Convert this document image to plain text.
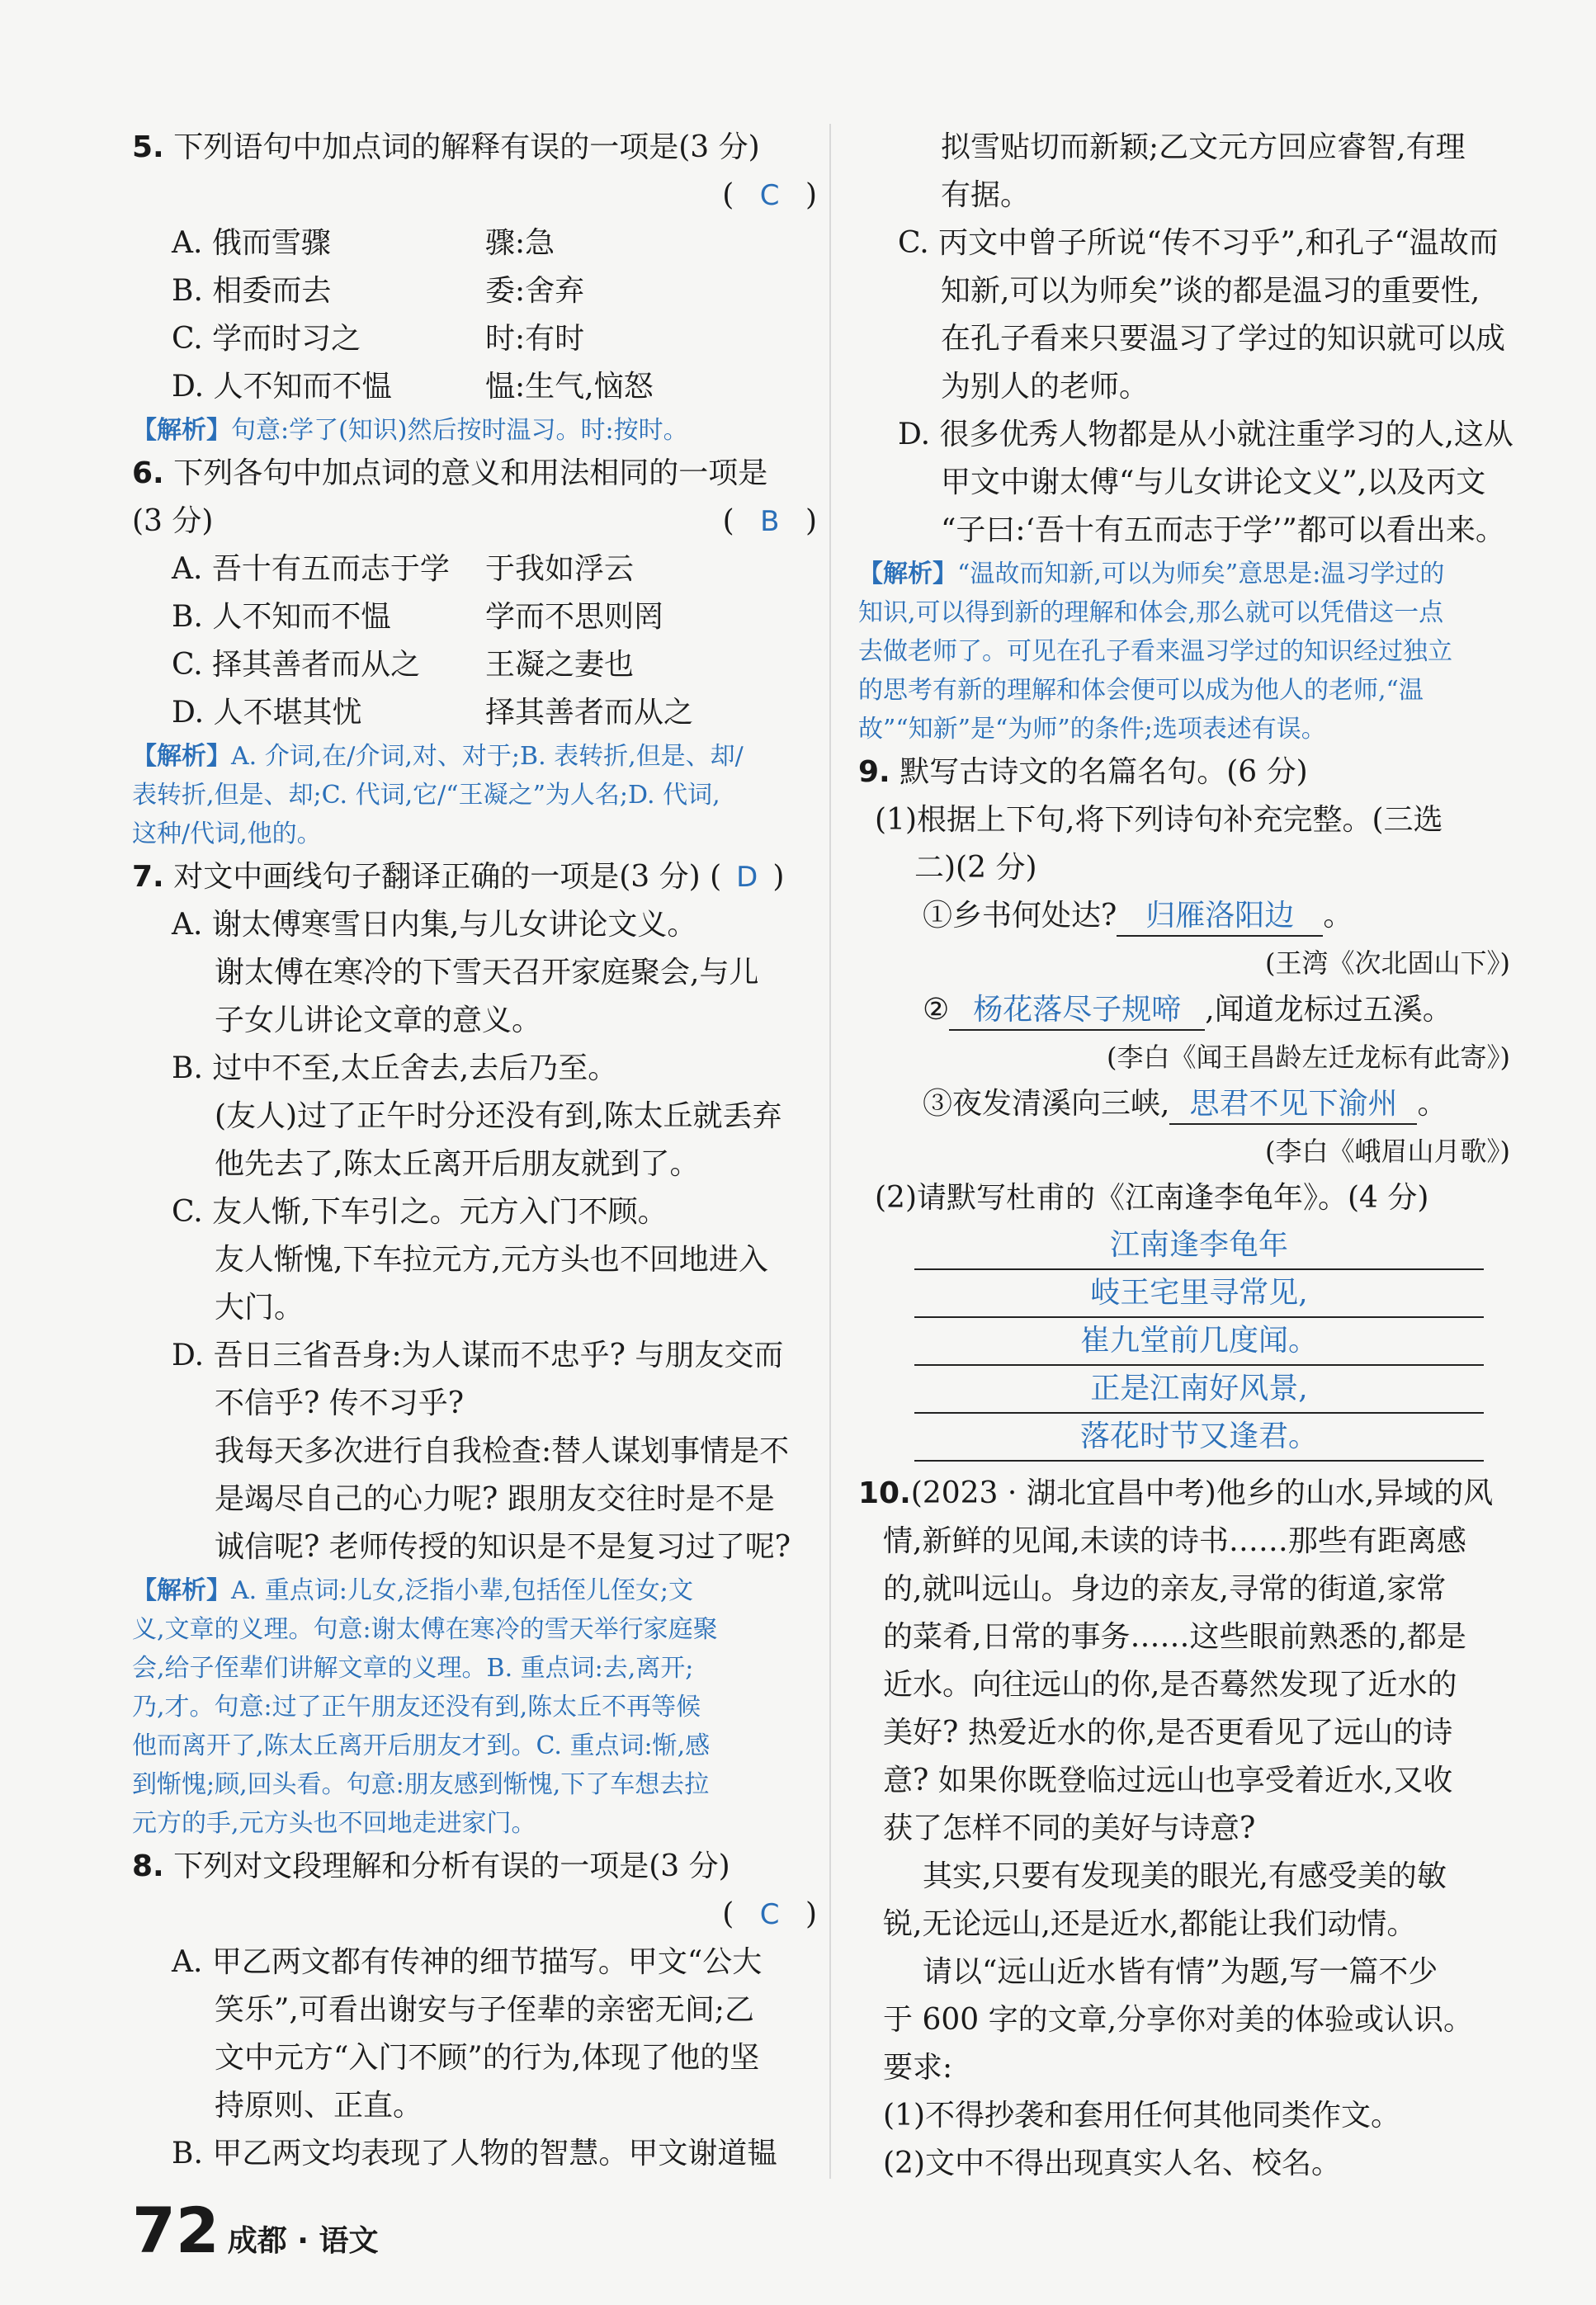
5. 下列语句中加点词的解释有误的一项是(3 分)
( C )
A. 俄而雪骤	骤:急
B. 相委而去	委:舍弃
C. 学而时习之	时:有时
D. 人不知而不愠	愠:生气,恼怒
【解析】句意:学了(知识)然后按时温习。时:按时。
6. 下列各句中加点词的意义和用法相同的一项是
(3 分)	( B )
A. 吾十有五而志于学	于我如浮云
B. 人不知而不愠	学而不思则罔
C. 择其善者而从之	王凝之妻也
D. 人不堪其忧	择其善者而从之
【解析】A. 介词,在/介词,对、对于;B. 表转折,但是、却/
表转折,但是、却;C. 代词,它/“王凝之”为人名;D. 代词,
这种/代词,他的。
7. 对文中画线句子翻译正确的一项是(3 分) ( D )
A. 谢太傅寒雪日内集,与儿女讲论文义。
谢太傅在寒冷的下雪天召开家庭聚会,与儿
子女儿讲论文章的意义。
B. 过中不至,太丘舍去,去后乃至。
(友人)过了正午时分还没有到,陈太丘就丢弃
他先去了,陈太丘离开后朋友就到了。
C. 友人惭,下车引之。元方入门不顾。
友人惭愧,下车拉元方,元方头也不回地进入
大门。
D. 吾日三省吾身:为人谋而不忠乎? 与朋友交而
不信乎? 传不习乎?
我每天多次进行自我检查:替人谋划事情是不
是竭尽自己的心力呢? 跟朋友交往时是不是
诚信呢? 老师传授的知识是不是复习过了呢?
【解析】A. 重点词:儿女,泛指小辈,包括侄儿侄女;文
义,文章的义理。句意:谢太傅在寒冷的雪天举行家庭聚
会,给子侄辈们讲解文章的义理。B. 重点词:去,离开;
乃,才。句意:过了正午朋友还没有到,陈太丘不再等候
他而离开了,陈太丘离开后朋友才到。C. 重点词:惭,感
到惭愧;顾,回头看。句意:朋友感到惭愧,下了车想去拉
元方的手,元方头也不回地走进家门。
8. 下列对文段理解和分析有误的一项是(3 分)
( C )
A. 甲乙两文都有传神的细节描写。甲文“公大
笑乐”,可看出谢安与子侄辈的亲密无间;乙
文中元方“入门不顾”的行为,体现了他的坚
持原则、正直。
B. 甲乙两文均表现了人物的智慧。甲文谢道韫
拟雪贴切而新颖;乙文元方回应睿智,有理
有据。
C. 丙文中曾子所说“传不习乎”,和孔子“温故而
知新,可以为师矣”谈的都是温习的重要性,
在孔子看来只要温习了学过的知识就可以成
为别人的老师。
D. 很多优秀人物都是从小就注重学习的人,这从
甲文中谢太傅“与儿女讲论文义”,以及丙文
“子曰:‘吾十有五而志于学’”都可以看出来。
【解析】“温故而知新,可以为师矣”意思是:温习学过的
知识,可以得到新的理解和体会,那么就可以凭借这一点
去做老师了。可见在孔子看来温习学过的知识经过独立
的思考有新的理解和体会便可以成为他人的老师,“温
故”“知新”是“为师”的条件;选项表述有误。
9. 默写古诗文的名篇名句。(6 分)
(1)根据上下句,将下列诗句补充完整。(三选
二)(2 分)
①乡书何处达? 归雁洛阳边 。
(王湾《次北固山下》)
② 杨花落尽子规啼 ,闻道龙标过五溪。
(李白《闻王昌龄左迁龙标有此寄》)
③夜发清溪向三峡, 思君不见下渝州 。
(李白《峨眉山月歌》)
(2)请默写杜甫的《江南逢李龟年》。(4 分)
江南逢李龟年
岐王宅里寻常见,
崔九堂前几度闻。
正是江南好风景,
落花时节又逢君。
10.(2023 · 湖北宜昌中考)他乡的山水,异域的风
情,新鲜的见闻,未读的诗书……那些有距离感
的,就叫远山。身边的亲友,寻常的街道,家常
的菜肴,日常的事务……这些眼前熟悉的,都是
近水。向往远山的你,是否蓦然发现了近水的
美好? 热爱近水的你,是否更看见了远山的诗
意? 如果你既登临过远山也享受着近水,又收
获了怎样不同的美好与诗意?
其实,只要有发现美的眼光,有感受美的敏
锐,无论远山,还是近水,都能让我们动情。
请以“远山近水皆有情”为题,写一篇不少
于 600 字的文章,分享你对美的体验或认识。
要求:
(1)不得抄袭和套用任何其他同类作文。
(2)文中不得出现真实人名、校名。
72 成都 · 语文
